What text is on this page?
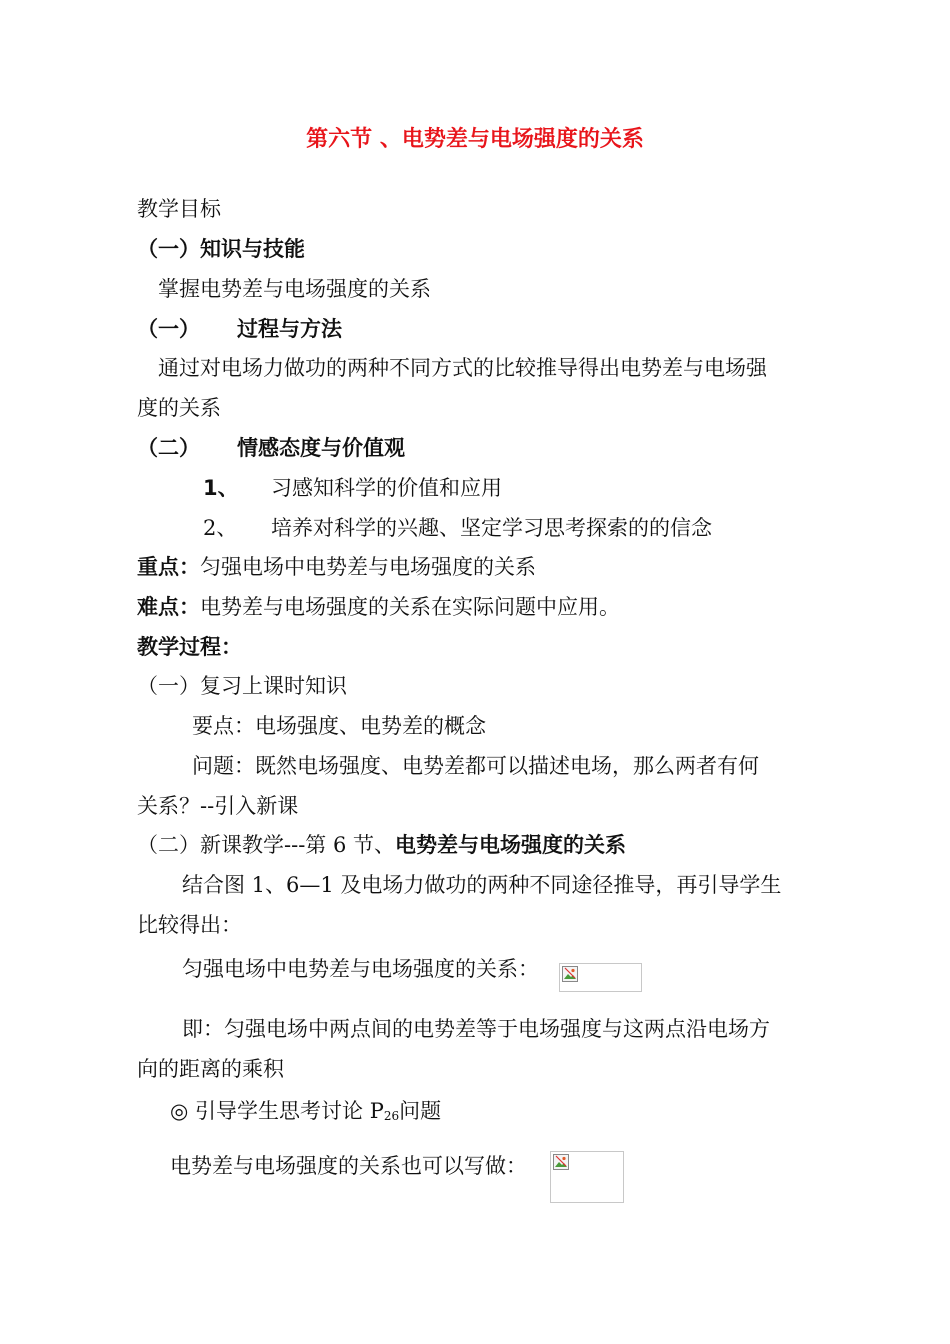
第六节 、电势差与电场强度的关系
教学目标
（一）知识与技能
掌握电势差与电场强度的关系
（一） 过程与方法
通过对电场力做功的两种不同方式的比较推导得出电势差与电场强
度的关系
（二） 情感态度与价值观
1、 习感知科学的价值和应用
2、 培养对科学的兴趣、坚定学习思考探索的的信念
重点：匀强电场中电势差与电场强度的关系
难点：电势差与电场强度的关系在实际问题中应用。
教学过程：
（一）复习上课时知识
要点：电场强度、电势差的概念
问题：既然电场强度、电势差都可以描述电场，那么两者有何
关系？--引入新课
（二）新课教学---第 6 节、电势差与电场强度的关系
结合图 1、6—1 及电场力做功的两种不同途径推导，再引导学生
比较得出：
匀强电场中电势差与电场强度的关系：
即：匀强电场中两点间的电势差等于电场强度与这两点沿电场方
向的距离的乘积
◎ 引导学生思考讨论 $P_{26}$问题
电势差与电场强度的关系也可以写做：
